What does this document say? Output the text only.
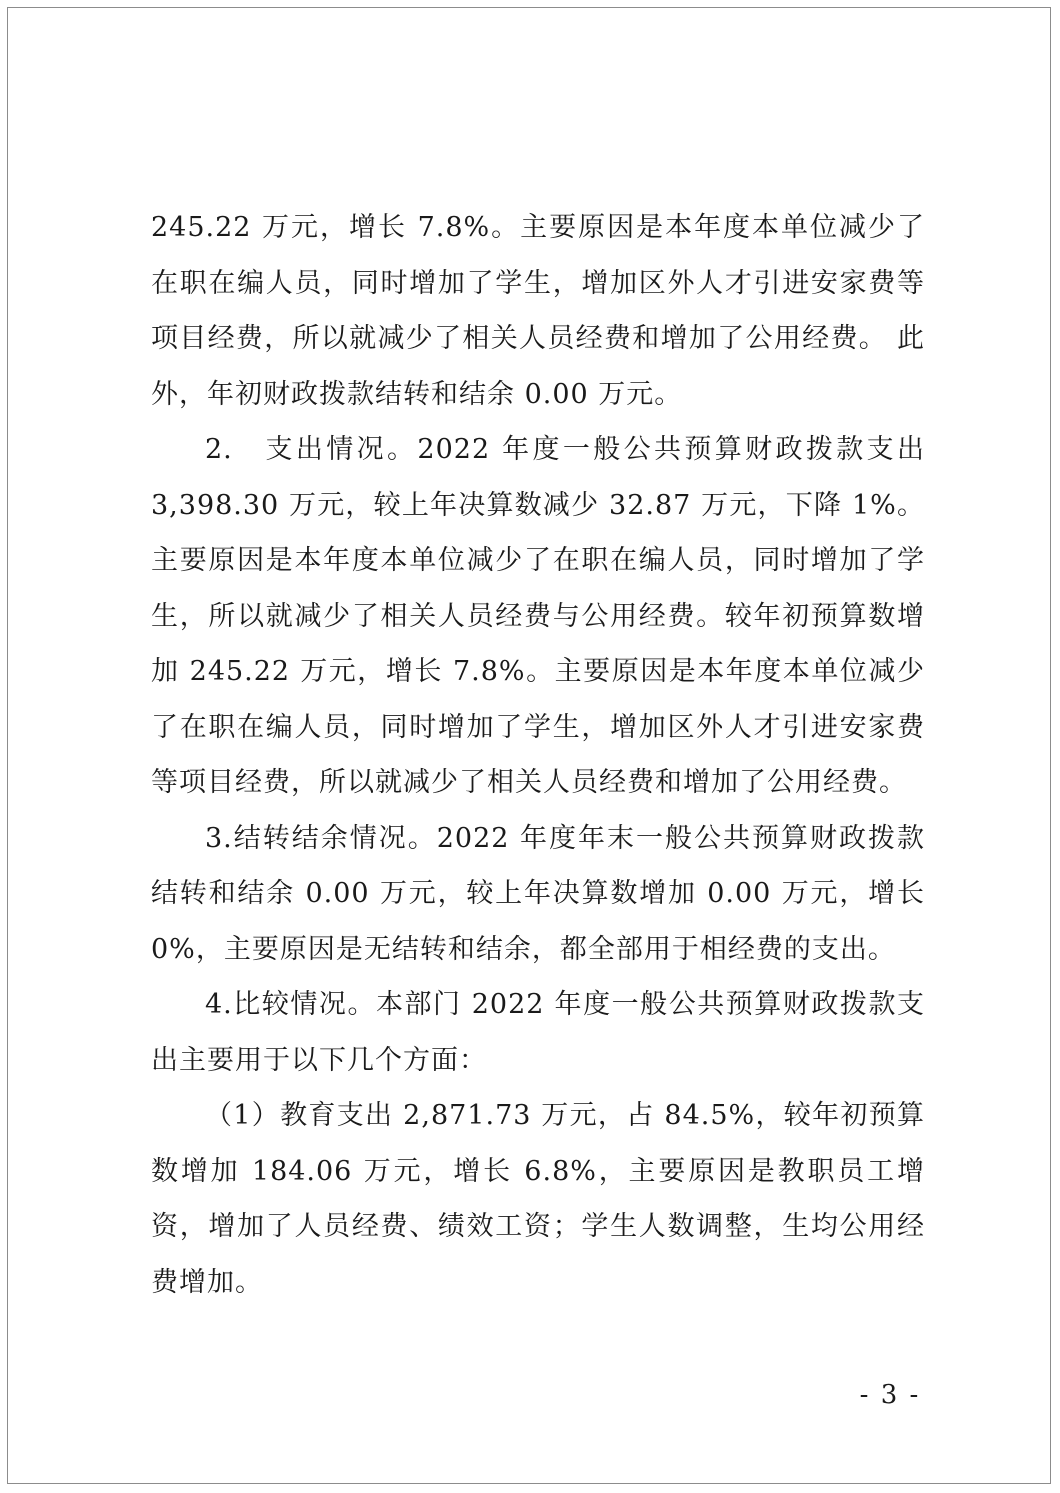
245.22 万元，增长 7.8%。主要原因是本年度本单位减少了在职在编人员，同时增加了学生，增加区外人才引进安家费等项目经费，所以就减少了相关人员经费和增加了公用经费。 此外，年初财政拨款结转和结余 0.00 万元。

2.　支出情况。2022 年度一般公共预算财政拨款支出 3,398.30 万元，较上年决算数减少 32.87 万元，下降 1%。主要原因是本年度本单位减少了在职在编人员，同时增加了学生，所以就减少了相关人员经费与公用经费。较年初预算数增加 245.22 万元，增长 7.8%。主要原因是本年度本单位减少了在职在编人员，同时增加了学生，增加区外人才引进安家费等项目经费，所以就减少了相关人员经费和增加了公用经费。

3.结转结余情况。2022 年度年末一般公共预算财政拨款结转和结余 0.00 万元，较上年决算数增加 0.00 万元，增长 0%，主要原因是无结转和结余，都全部用于相经费的支出。

4.比较情况。本部门 2022 年度一般公共预算财政拨款支出主要用于以下几个方面：

（1）教育支出 2,871.73 万元，占 84.5%，较年初预算数增加 184.06 万元，增长 6.8%，主要原因是教职员工增资，增加了人员经费、绩效工资；学生人数调整，生均公用经费增加。

- 3 -
